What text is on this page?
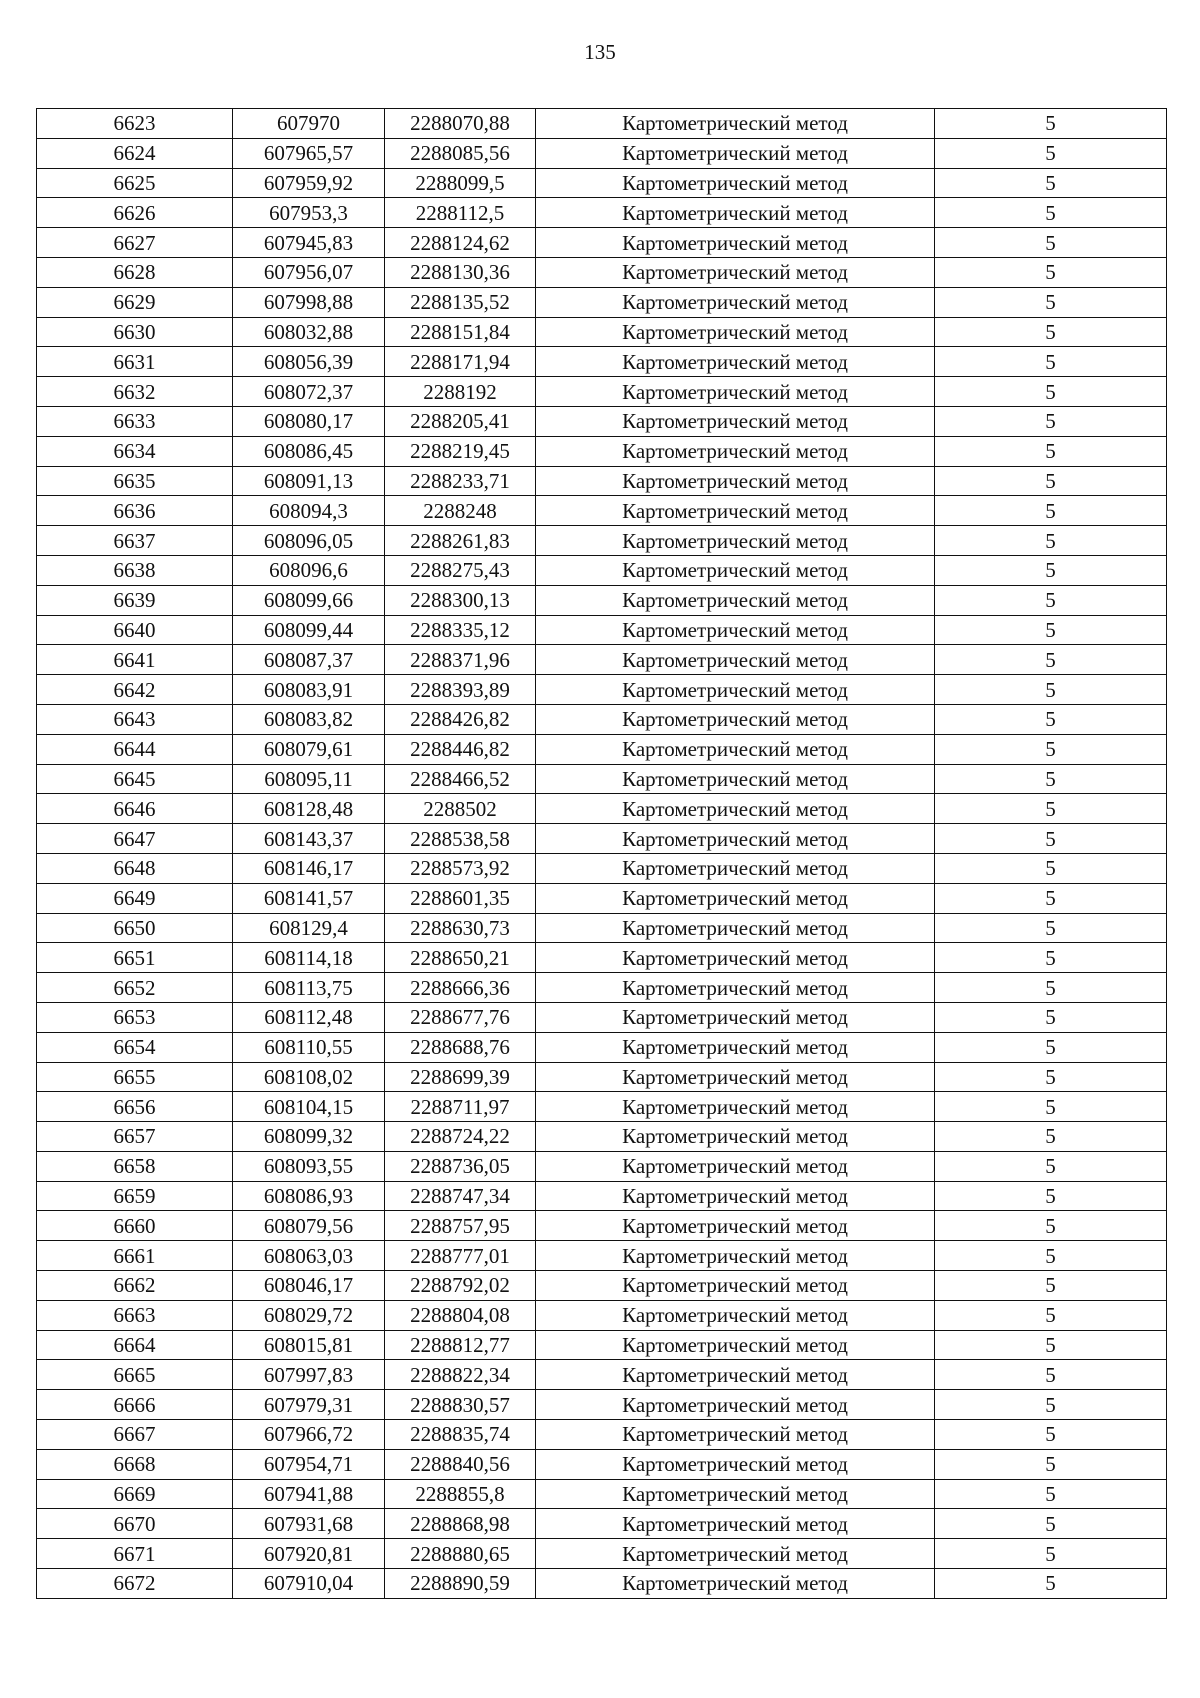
135
6623	607970	2288070,88	Картометрический метод	5
6624	607965,57	2288085,56	Картометрический метод	5
6625	607959,92	2288099,5	Картометрический метод	5
6626	607953,3	2288112,5	Картометрический метод	5
6627	607945,83	2288124,62	Картометрический метод	5
6628	607956,07	2288130,36	Картометрический метод	5
6629	607998,88	2288135,52	Картометрический метод	5
6630	608032,88	2288151,84	Картометрический метод	5
6631	608056,39	2288171,94	Картометрический метод	5
6632	608072,37	2288192	Картометрический метод	5
6633	608080,17	2288205,41	Картометрический метод	5
6634	608086,45	2288219,45	Картометрический метод	5
6635	608091,13	2288233,71	Картометрический метод	5
6636	608094,3	2288248	Картометрический метод	5
6637	608096,05	2288261,83	Картометрический метод	5
6638	608096,6	2288275,43	Картометрический метод	5
6639	608099,66	2288300,13	Картометрический метод	5
6640	608099,44	2288335,12	Картометрический метод	5
6641	608087,37	2288371,96	Картометрический метод	5
6642	608083,91	2288393,89	Картометрический метод	5
6643	608083,82	2288426,82	Картометрический метод	5
6644	608079,61	2288446,82	Картометрический метод	5
6645	608095,11	2288466,52	Картометрический метод	5
6646	608128,48	2288502	Картометрический метод	5
6647	608143,37	2288538,58	Картометрический метод	5
6648	608146,17	2288573,92	Картометрический метод	5
6649	608141,57	2288601,35	Картометрический метод	5
6650	608129,4	2288630,73	Картометрический метод	5
6651	608114,18	2288650,21	Картометрический метод	5
6652	608113,75	2288666,36	Картометрический метод	5
6653	608112,48	2288677,76	Картометрический метод	5
6654	608110,55	2288688,76	Картометрический метод	5
6655	608108,02	2288699,39	Картометрический метод	5
6656	608104,15	2288711,97	Картометрический метод	5
6657	608099,32	2288724,22	Картометрический метод	5
6658	608093,55	2288736,05	Картометрический метод	5
6659	608086,93	2288747,34	Картометрический метод	5
6660	608079,56	2288757,95	Картометрический метод	5
6661	608063,03	2288777,01	Картометрический метод	5
6662	608046,17	2288792,02	Картометрический метод	5
6663	608029,72	2288804,08	Картометрический метод	5
6664	608015,81	2288812,77	Картометрический метод	5
6665	607997,83	2288822,34	Картометрический метод	5
6666	607979,31	2288830,57	Картометрический метод	5
6667	607966,72	2288835,74	Картометрический метод	5
6668	607954,71	2288840,56	Картометрический метод	5
6669	607941,88	2288855,8	Картометрический метод	5
6670	607931,68	2288868,98	Картометрический метод	5
6671	607920,81	2288880,65	Картометрический метод	5
6672	607910,04	2288890,59	Картометрический метод	5
